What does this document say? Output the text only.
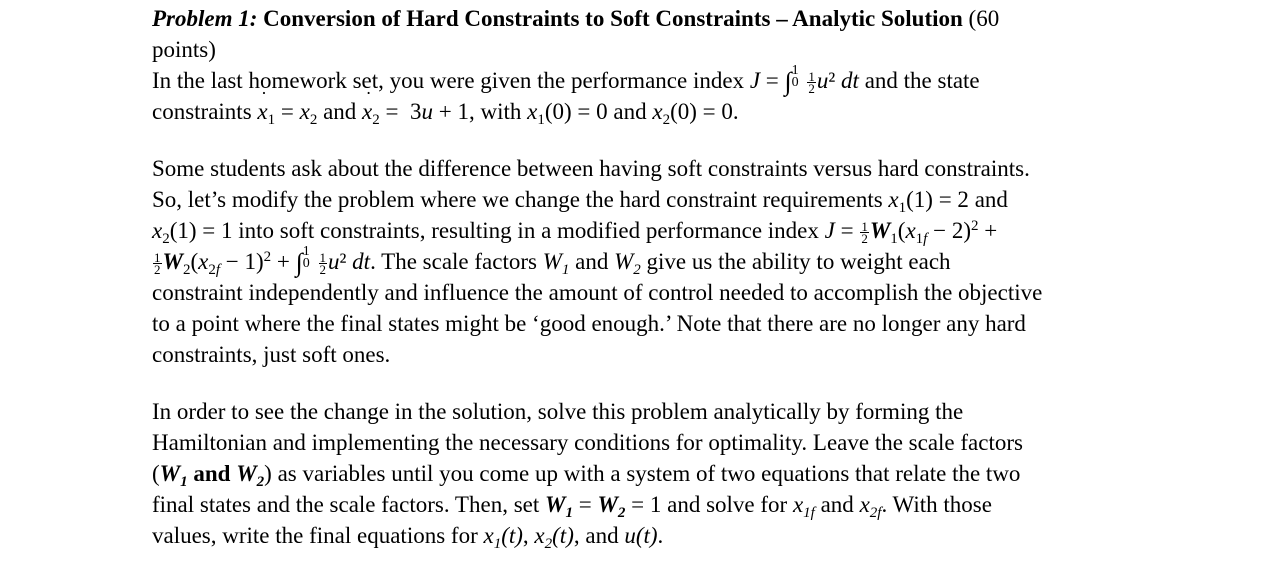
Problem 1: Conversion of Hard Constraints to Soft Constraints – Analytic Solution (60
points)

In the last homework set, you were given the performance index J = ∫ 1
0
$\frac{1}{2} u^2$ dt and the state
constraints ˙ $x_1 = x_2$ and ˙ $x_2 = 3u + 1$, with $x_1(0) = 0$ and $x_2(0) = 0$.

Some students ask about the difference between having soft constraints versus hard constraints.
So, let’s modify the problem where we change the hard constraint requirements $x_1(1) = 2$ and
$x_2(1) = 1$ into soft constraints, resulting in a modified performance index $J = \frac{1}{2} W_1(x_{1f} - 2)^2$ +
$\frac{1}{2} W_2(x_{2f} - 1)^2$ + ∫ 1
0
$\frac{1}{2} u^2$ dt. The scale factors $W_1$ and $W_2$ give us the ability to weight each
constraint independently and influence the amount of control needed to accomplish the objective
to a point where the final states might be ‘good enough.’ Note that there are no longer any hard
constraints, just soft ones.

In order to see the change in the solution, solve this problem analytically by forming the
Hamiltonian and implementing the necessary conditions for optimality. Leave the scale factors
($W_1$ and $W_2$) as variables until you come up with a system of two equations that relate the two
final states and the scale factors. Then, set $W_1 = W_2 = 1$ and solve for $x_{1f}$ and $x_{2f}$. With those
values, write the final equations for $x_1(t)$, $x_2(t)$, and u(t).
